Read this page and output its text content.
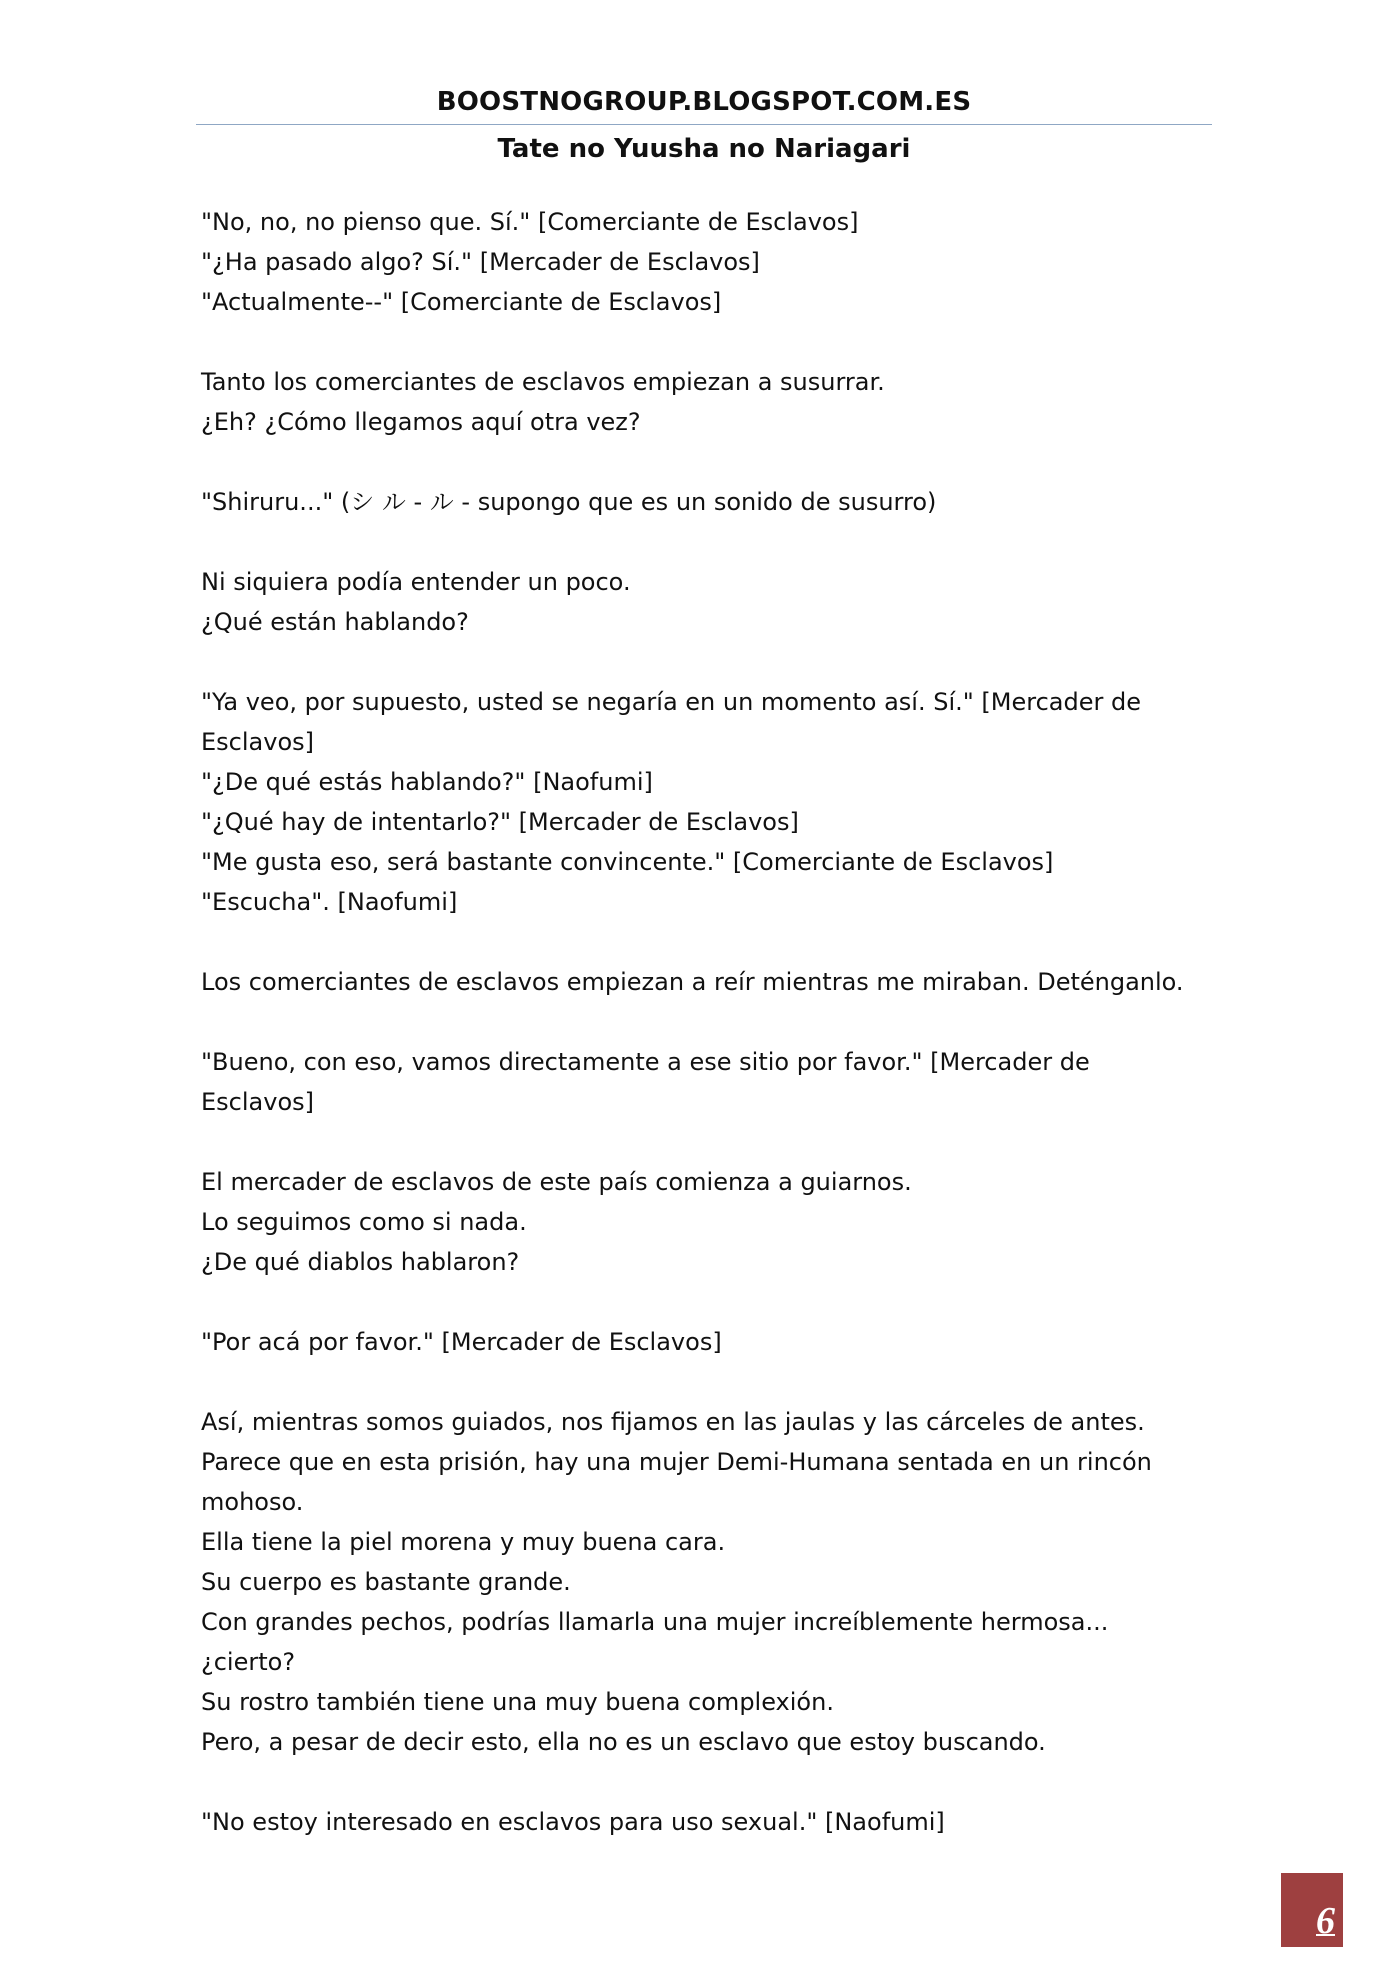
BOOSTNOGROUP.BLOGSPOT.COM.ES
Tate no Yuusha no Nariagari

"No, no, no pienso que. Sí." [Comerciante de Esclavos]
"¿Ha pasado algo? Sí." [Mercader de Esclavos]
"Actualmente--" [Comerciante de Esclavos]

Tanto los comerciantes de esclavos empiezan a susurrar.
¿Eh? ¿Cómo llegamos aquí otra vez?

"Shiruru..." (シ ル - ル - supongo que es un sonido de susurro)

Ni siquiera podía entender un poco.
¿Qué están hablando?

"Ya veo, por supuesto, usted se negaría en un momento así. Sí." [Mercader de Esclavos]
"¿De qué estás hablando?" [Naofumi]
"¿Qué hay de intentarlo?" [Mercader de Esclavos]
"Me gusta eso, será bastante convincente." [Comerciante de Esclavos]
"Escucha". [Naofumi]

Los comerciantes de esclavos empiezan a reír mientras me miraban. Deténganlo.

"Bueno, con eso, vamos directamente a ese sitio por favor." [Mercader de Esclavos]

El mercader de esclavos de este país comienza a guiarnos.
Lo seguimos como si nada.
¿De qué diablos hablaron?

"Por acá por favor." [Mercader de Esclavos]

Así, mientras somos guiados, nos fijamos en las jaulas y las cárceles de antes.
Parece que en esta prisión, hay una mujer Demi-Humana sentada en un rincón mohoso.
Ella tiene la piel morena y muy buena cara.
Su cuerpo es bastante grande.
Con grandes pechos, podrías llamarla una mujer increíblemente hermosa... ¿cierto?
Su rostro también tiene una muy buena complexión.
Pero, a pesar de decir esto, ella no es un esclavo que estoy buscando.

"No estoy interesado en esclavos para uso sexual." [Naofumi]

6
